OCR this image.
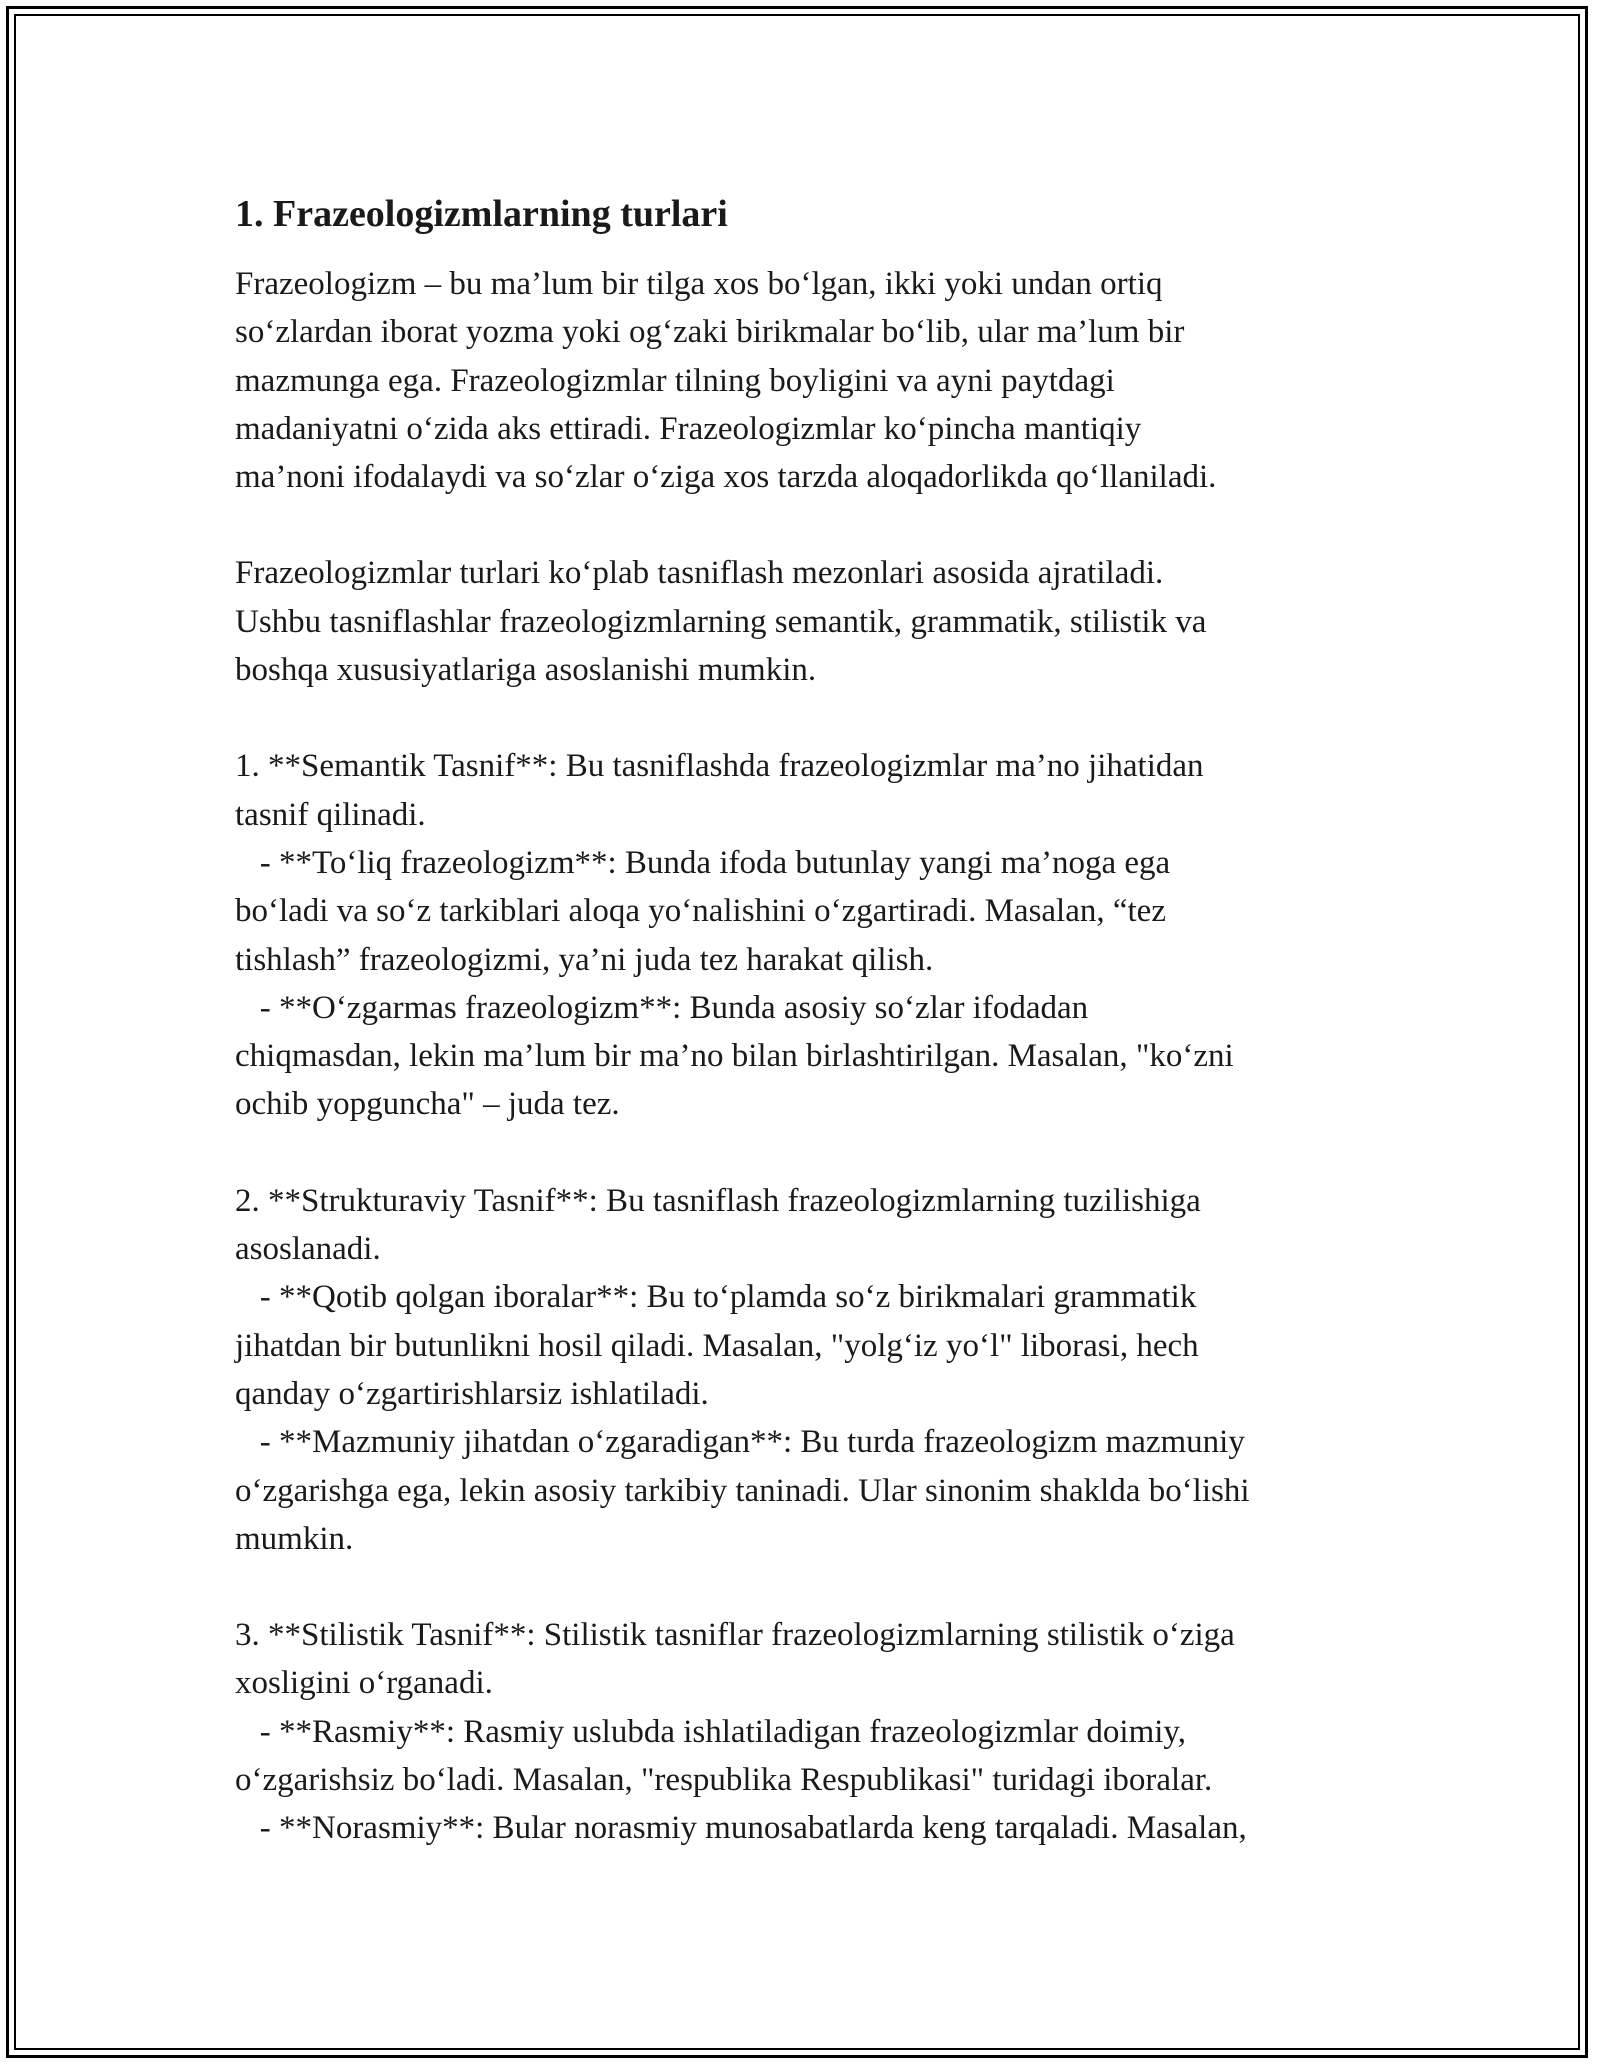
1. Frazeologizmlarning turlari
Frazeologizm – bu ma’lum bir tilga xos bo‘lgan, ikki yoki undan ortiq
so‘zlardan iborat yozma yoki og‘zaki birikmalar bo‘lib, ular ma’lum bir
mazmunga ega. Frazeologizmlar tilning boyligini va ayni paytdagi
madaniyatni o‘zida aks ettiradi. Frazeologizmlar ko‘pincha mantiqiy
ma’noni ifodalaydi va so‘zlar o‘ziga xos tarzda aloqadorlikda qo‘llaniladi.
Frazeologizmlar turlari ko‘plab tasniflash mezonlari asosida ajratiladi.
Ushbu tasniflashlar frazeologizmlarning semantik, grammatik, stilistik va
boshqa xususiyatlariga asoslanishi mumkin.
1. **Semantik Tasnif**: Bu tasniflashda frazeologizmlar ma’no jihatidan
tasnif qilinadi.
- **To‘liq frazeologizm**: Bunda ifoda butunlay yangi ma’noga ega
bo‘ladi va so‘z tarkiblari aloqa yo‘nalishini o‘zgartiradi. Masalan, “tez
tishlash” frazeologizmi, ya’ni juda tez harakat qilish.
- **O‘zgarmas frazeologizm**: Bunda asosiy so‘zlar ifodadan
chiqmasdan, lekin ma’lum bir ma’no bilan birlashtirilgan. Masalan, "ko‘zni
ochib yopguncha" – juda tez.
2. **Strukturaviy Tasnif**: Bu tasniflash frazeologizmlarning tuzilishiga
asoslanadi.
- **Qotib qolgan iboralar**: Bu to‘plamda so‘z birikmalari grammatik
jihatdan bir butunlikni hosil qiladi. Masalan, "yolg‘iz yo‘l" liborasi, hech
qanday o‘zgartirishlarsiz ishlatiladi.
- **Mazmuniy jihatdan o‘zgaradigan**: Bu turda frazeologizm mazmuniy
o‘zgarishga ega, lekin asosiy tarkibiy taninadi. Ular sinonim shakldа bo‘lishi
mumkin.
3. **Stilistik Tasnif**: Stilistik tasniflar frazeologizmlarning stilistik o‘ziga
xosligini o‘rganadi.
- **Rasmiy**: Rasmiy uslubda ishlatiladigan frazeologizmlar doimiy,
o‘zgarishsiz bo‘ladi. Masalan, "respublika Respublikasi" turidagi iboralar.
- **Norasmiy**: Bular norasmiy munosabatlarda keng tarqaladi. Masalan,
